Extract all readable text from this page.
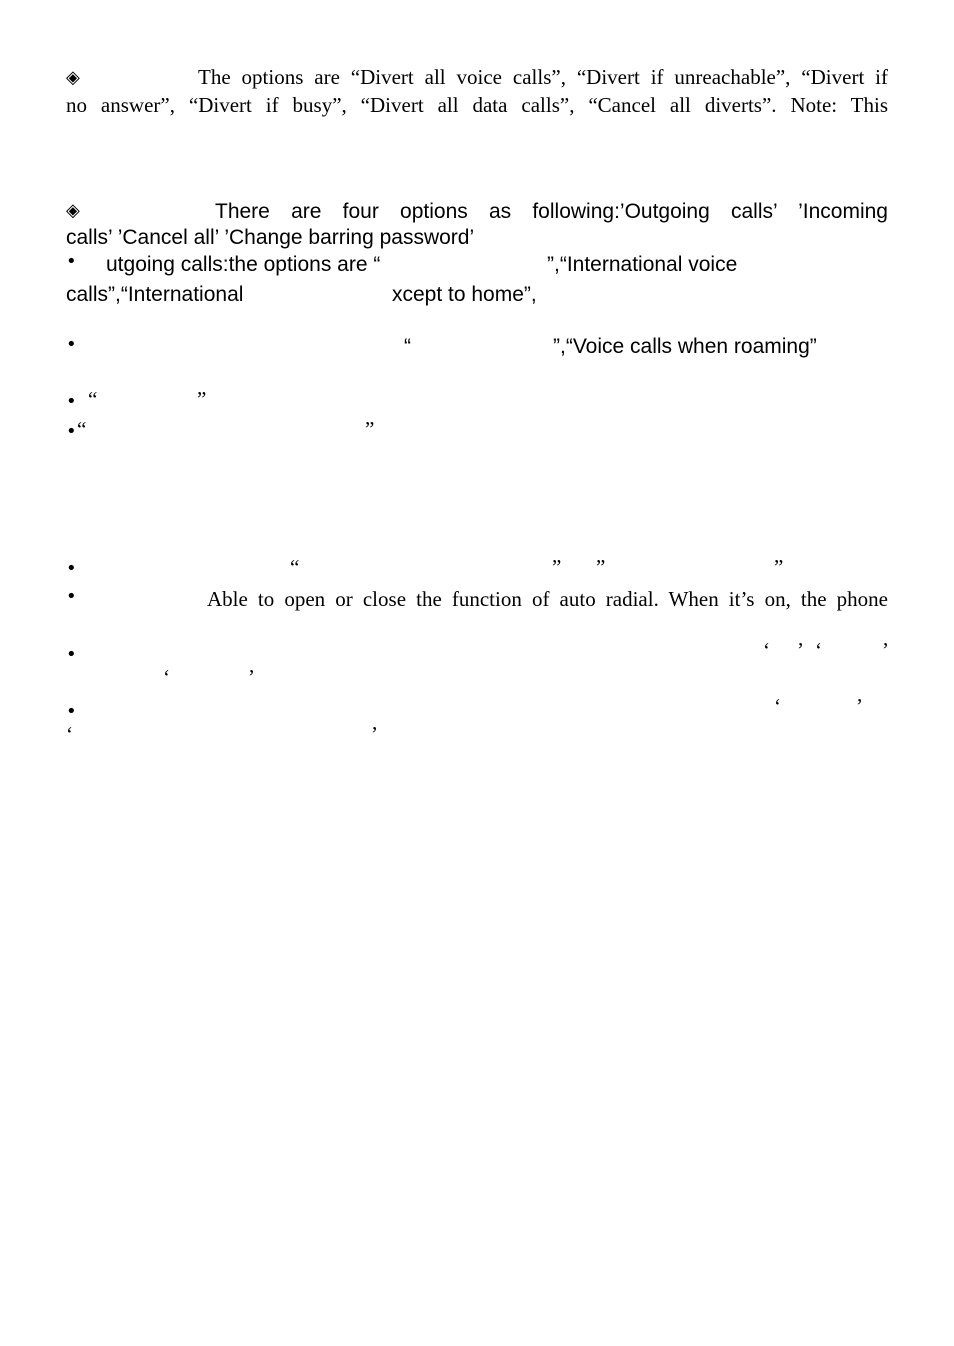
◈	The options are “Divert all voice calls”, “Divert if unreachable”, “Divert if
no answer”, “Divert if busy”, “Divert all data calls”, “Cancel all diverts”. Note: This
◈	There are four options as following:’Outgoing calls’ ’Incoming
calls’ ’Cancel all’ ’Change barring password’
• utgoing calls:the options are “	”,“International voice
calls”,“International	xcept to home”,
•	“	”,“Voice calls when roaming”
• “	”
• “	”
•	“	” ”	”
•	Able to open or close the function of auto radial. When it’s on, the phone
•	‘ ’ ‘	’
‘	’
•	‘	’
‘	’
